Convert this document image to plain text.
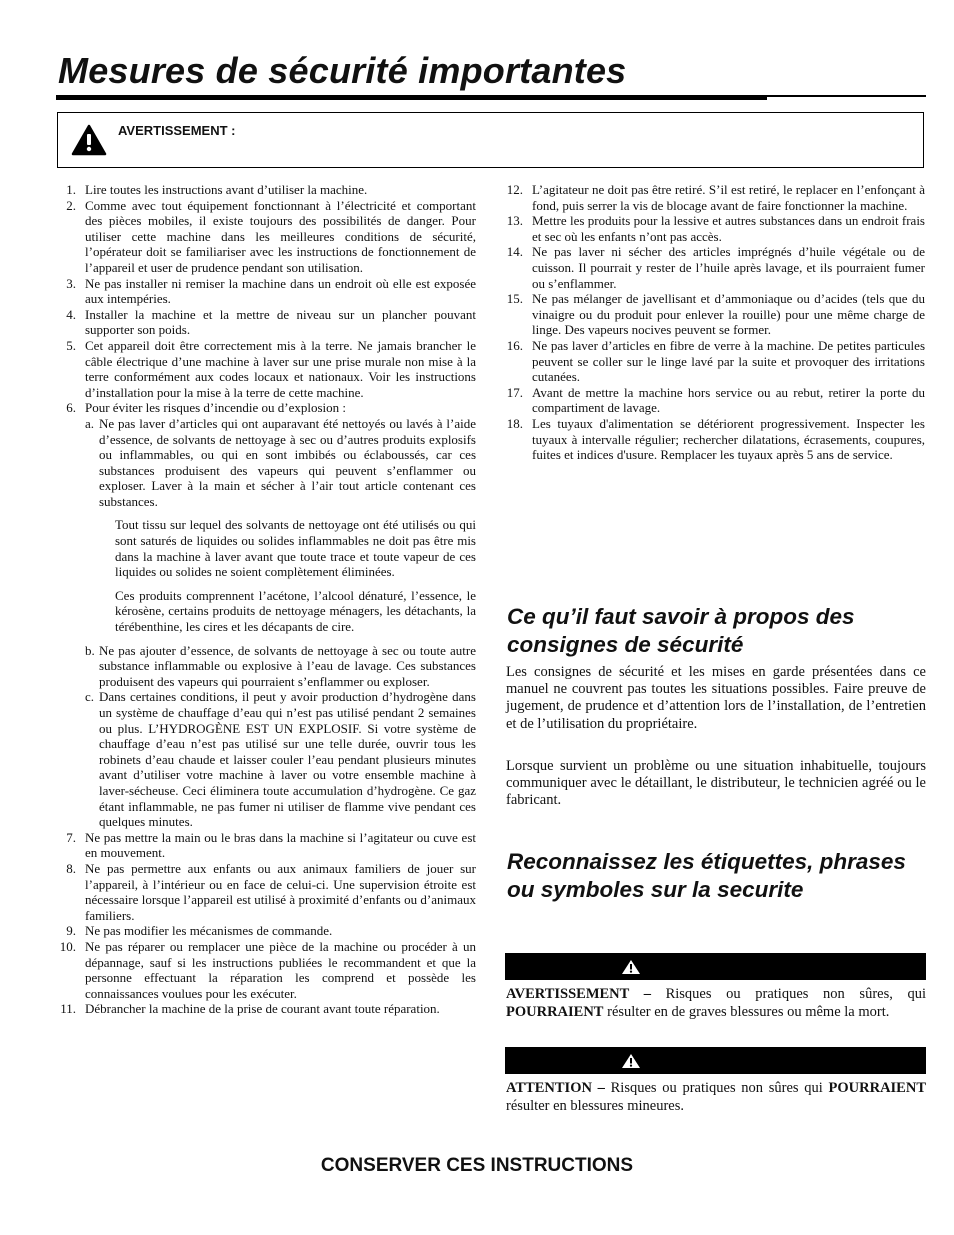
Mesures de sécurité importantes
AVERTISSEMENT :
1. Lire toutes les instructions avant d’utiliser la machine.
2. Comme avec tout équipement fonctionnant à l’électricité et comportant des pièces mobiles, il existe toujours des possibilités de danger. Pour utiliser cette machine dans les meilleures conditions de sécurité, l’opérateur doit se familiariser avec les instructions de fonctionnement de l’appareil et user de prudence pendant son utilisation.
3. Ne pas installer ni remiser la machine dans un endroit où elle est exposée aux intempéries.
4. Installer la machine et la mettre de niveau sur un plancher pouvant supporter son poids.
5. Cet appareil doit être correctement mis à la terre. Ne jamais brancher le câble électrique d’une machine à laver sur une prise murale non mise à la terre conformément aux codes locaux et nationaux. Voir les instructions d’installation pour la mise à la terre de cette machine.
6. Pour éviter les risques d’incendie ou d’explosion :
a. Ne pas laver d’articles qui ont auparavant été nettoyés ou lavés à l’aide d’essence, de solvants de nettoyage à sec ou d’autres produits explosifs ou inflammables, ou qui en sont imbibés ou éclaboussés, car ces substances produisent des vapeurs qui peuvent s’enflammer ou exploser. Laver à la main et sécher à l’air tout article contenant ces substances.

Tout tissu sur lequel des solvants de nettoyage ont été utilisés ou qui sont saturés de liquides ou solides inflammables ne doit pas être mis dans la machine à laver avant que toute trace et toute vapeur de ces liquides ou solides ne soient complètement éliminées.

Ces produits comprennent l’acétone, l’alcool dénaturé, l’essence, le kérosène, certains produits de nettoyage ménagers, les détachants, la térébenthine, les cires et les décapants de cire.

b. Ne pas ajouter d’essence, de solvants de nettoyage à sec ou toute autre substance inflammable ou explosive à l’eau de lavage. Ces substances produisent des vapeurs qui pourraient s’enflammer ou exploser.
c. Dans certaines conditions, il peut y avoir production d’hydrogène dans un système de chauffage d’eau qui n’est pas utilisé pendant 2 semaines ou plus. L’HYDROGÈNE EST UN EXPLOSIF. Si votre système de chauffage d’eau n’est pas utilisé sur une telle durée, ouvrir tous les robinets d’eau chaude et laisser couler l’eau pendant plusieurs minutes avant d’utiliser votre machine à laver ou votre ensemble machine à laver-sécheuse. Ceci éliminera toute accumulation d’hydrogène. Ce gaz étant inflammable, ne pas fumer ni utiliser de flamme vive pendant ces quelques minutes.
7. Ne pas mettre la main ou le bras dans la machine si l’agitateur ou cuve est en mouvement.
8. Ne pas permettre aux enfants ou aux animaux familiers de jouer sur l’appareil, à l’intérieur ou en face de celui-ci. Une supervision étroite est nécessaire lorsque l’appareil est utilisé à proximité d’enfants ou d’animaux familiers.
9. Ne pas modifier les mécanismes de commande.
10. Ne pas réparer ou remplacer une pièce de la machine ou procéder à un dépannage, sauf si les instructions publiées le recommandent et que la personne effectuant la réparation les comprend et possède les connaissances voulues pour les exécuter.
11. Débrancher la machine de la prise de courant avant toute réparation.
12. L’agitateur ne doit pas être retiré. S’il est retiré, le replacer en l’enfonçant à fond, puis serrer la vis de blocage avant de faire fonctionner la machine.
13. Mettre les produits pour la lessive et autres substances dans un endroit frais et sec où les enfants n’ont pas accès.
14. Ne pas laver ni sécher des articles imprégnés d’huile végétale ou de cuisson. Il pourrait y rester de l’huile après lavage, et ils pourraient fumer ou s’enflammer.
15. Ne pas mélanger de javellisant et d’ammoniaque ou d’acides (tels que du vinaigre ou du produit pour enlever la rouille) pour une même charge de linge. Des vapeurs nocives peuvent se former.
16. Ne pas laver d’articles en fibre de verre à la machine. De petites particules peuvent se coller sur le linge lavé par la suite et provoquer des irritations cutanées.
17. Avant de mettre la machine hors service ou au rebut, retirer la porte du compartiment de lavage.
18. Les tuyaux d'alimentation se détériorent progressivement. Inspecter les tuyaux à intervalle régulier; rechercher dilatations, écrasements, coupures, fuites et indices d'usure. Remplacer les tuyaux après 5 ans de service.
Ce qu’il faut savoir à propos des consignes de sécurité

Les consignes de sécurité et les mises en garde présentées dans ce manuel ne couvrent pas toutes les situations possibles. Faire preuve de jugement, de prudence et d’attention lors de l’installation, de l’entretien et de l’utilisation du propriétaire.

Lorsque survient un problème ou une situation inhabituelle, toujours communiquer avec le détaillant, le distributeur, le technicien agréé ou le fabricant.

Reconnaissez les étiquettes, phrases ou symboles sur la securite

AVERTISSEMENT – Risques ou pratiques non sûres, qui POURRAIENT résulter en de graves blessures ou même la mort.

ATTENTION – Risques ou pratiques non sûres qui POURRAIENT résulter en blessures mineures.

CONSERVER CES INSTRUCTIONS
